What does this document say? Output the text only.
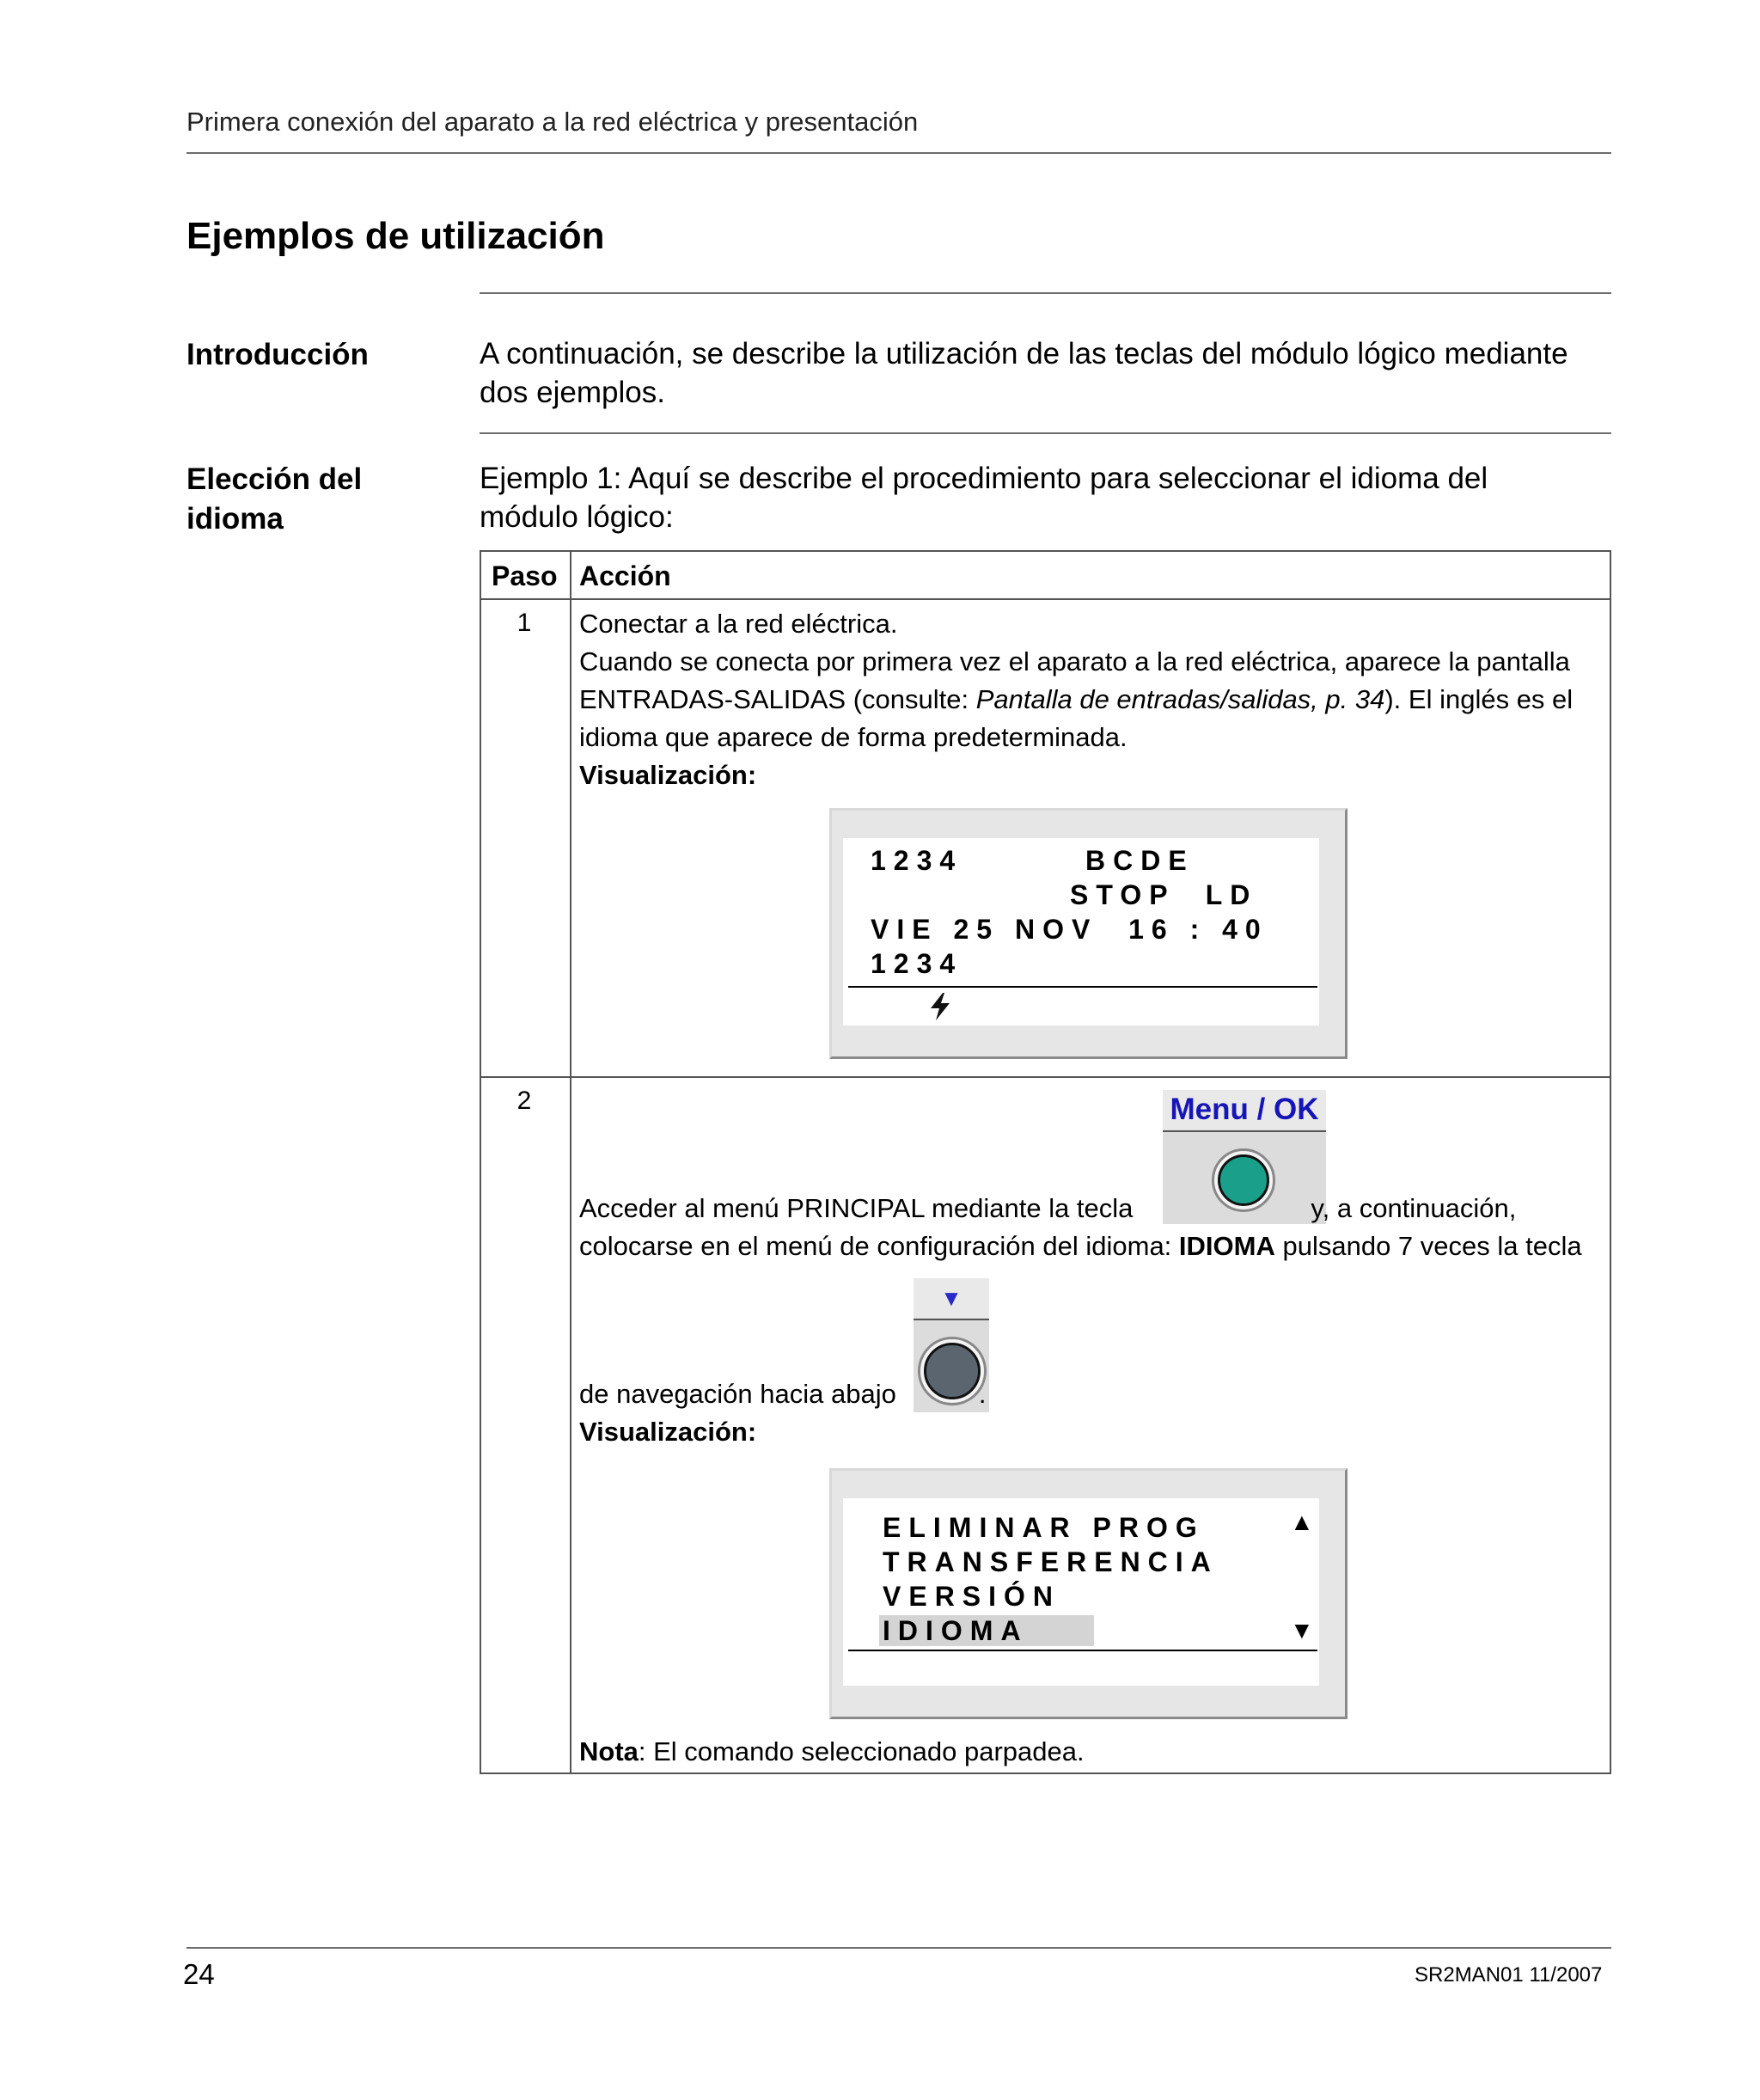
Primera conexión del aparato a la red eléctrica y presentación
Ejemplos de utilización
Introducción	A continuación, se describe la utilización de las teclas del módulo lógico mediante
dos ejemplos.
Elección del
idioma
Ejemplo 1: Aquí se describe el procedimiento para seleccionar el idioma del
módulo lógico:
Paso Acción
1	Conectar a la red eléctrica.
Cuando se conecta por primera vez el aparato a la red eléctrica, aparece la pantalla
ENTRADAS-SALIDAS (consulte: Pantalla de entradas/salidas, p. 34). El inglés es el
idioma que aparece de forma predeterminada.
Visualización:
1234	BCDE
STOP  LD
VIE 25 NOV  16 : 40
1234
2	Menu / OK
Acceder al menú PRINCIPAL mediante la tecla	y, a continuación,
colocarse en el menú de configuración del idioma: IDIOMA pulsando 7 veces la tecla
▼
de navegación hacia abajo	.
Visualización:
ELIMINAR PROG
TRANSFERENCIA
VERSIÓN
IDIOMA
▲
▼
Nota: El comando seleccionado parpadea.
24	SR2MAN01 11/2007
